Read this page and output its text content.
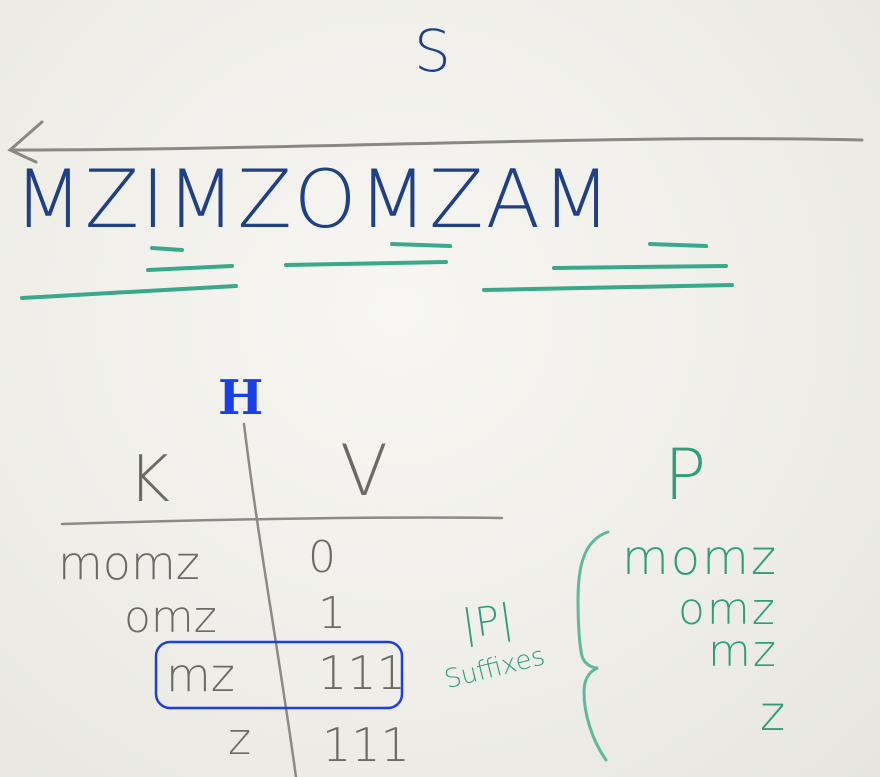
S
MZIMZOMZAM
H
K V
momz 0
omz 1
mz 111
z 111
|P|
Suffixes
P
momz
omz
mz
z
